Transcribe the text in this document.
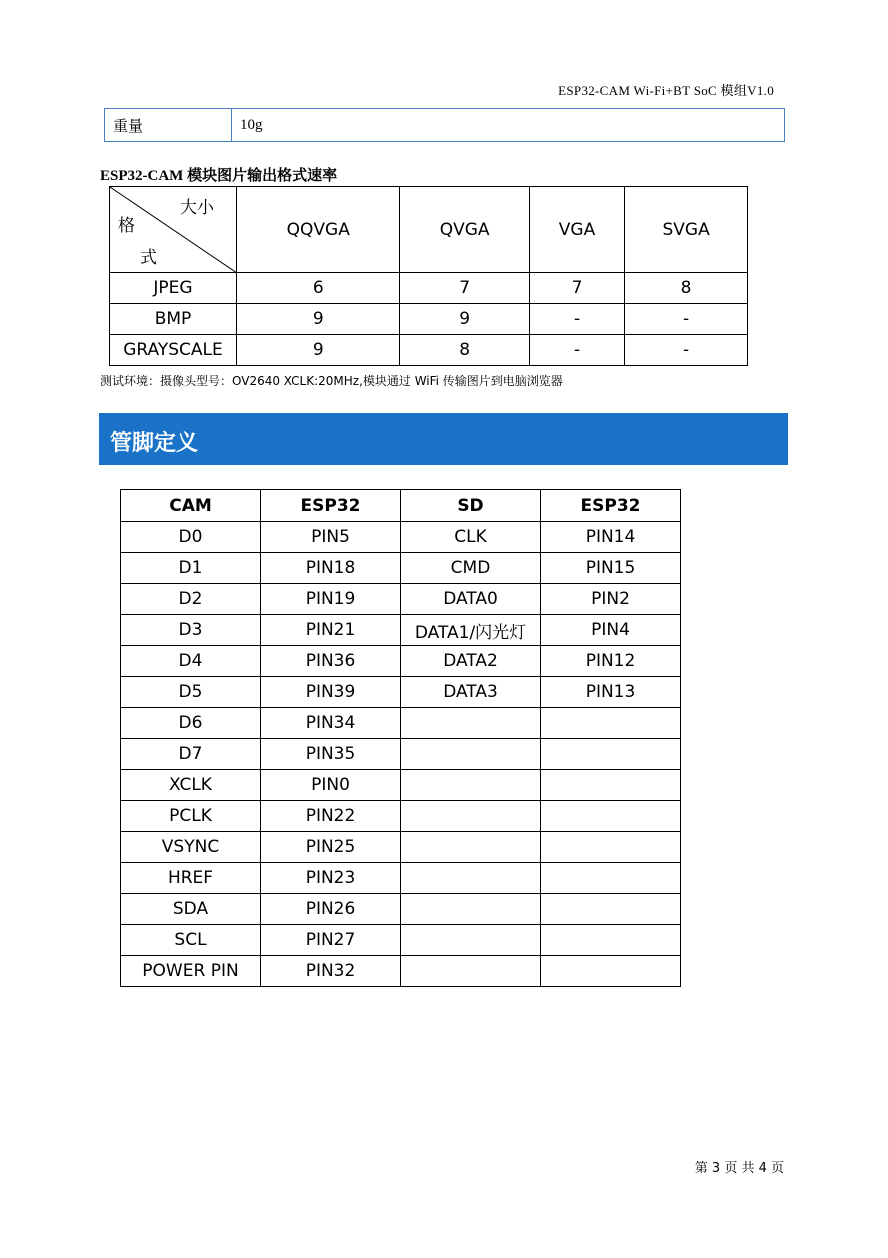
ESP32-CAM Wi-Fi+BT SoC 模组V1.0
重量	10g
ESP32-CAM 模块图片输出格式速率
大小
格
式	QQVGA	QVGA	VGA	SVGA
JPEG	6	7	7	8
BMP	9	9	-	-
GRAYSCALE	9	8	-	-
测试环境：摄像头型号：OV2640 XCLK:20MHz,模块通过 WiFi 传输图片到电脑浏览器
管脚定义
CAM	ESP32	SD	ESP32
D0	PIN5	CLK	PIN14
D1	PIN18	CMD	PIN15
D2	PIN19	DATA0	PIN2
D3	PIN21	DATA1/闪光灯	PIN4
D4	PIN36	DATA2	PIN12
D5	PIN39	DATA3	PIN13
D6	PIN34		
D7	PIN35		
XCLK	PIN0		
PCLK	PIN22		
VSYNC	PIN25		
HREF	PIN23		
SDA	PIN26		
SCL	PIN27		
POWER PIN	PIN32		
第 3 页 共 4 页
